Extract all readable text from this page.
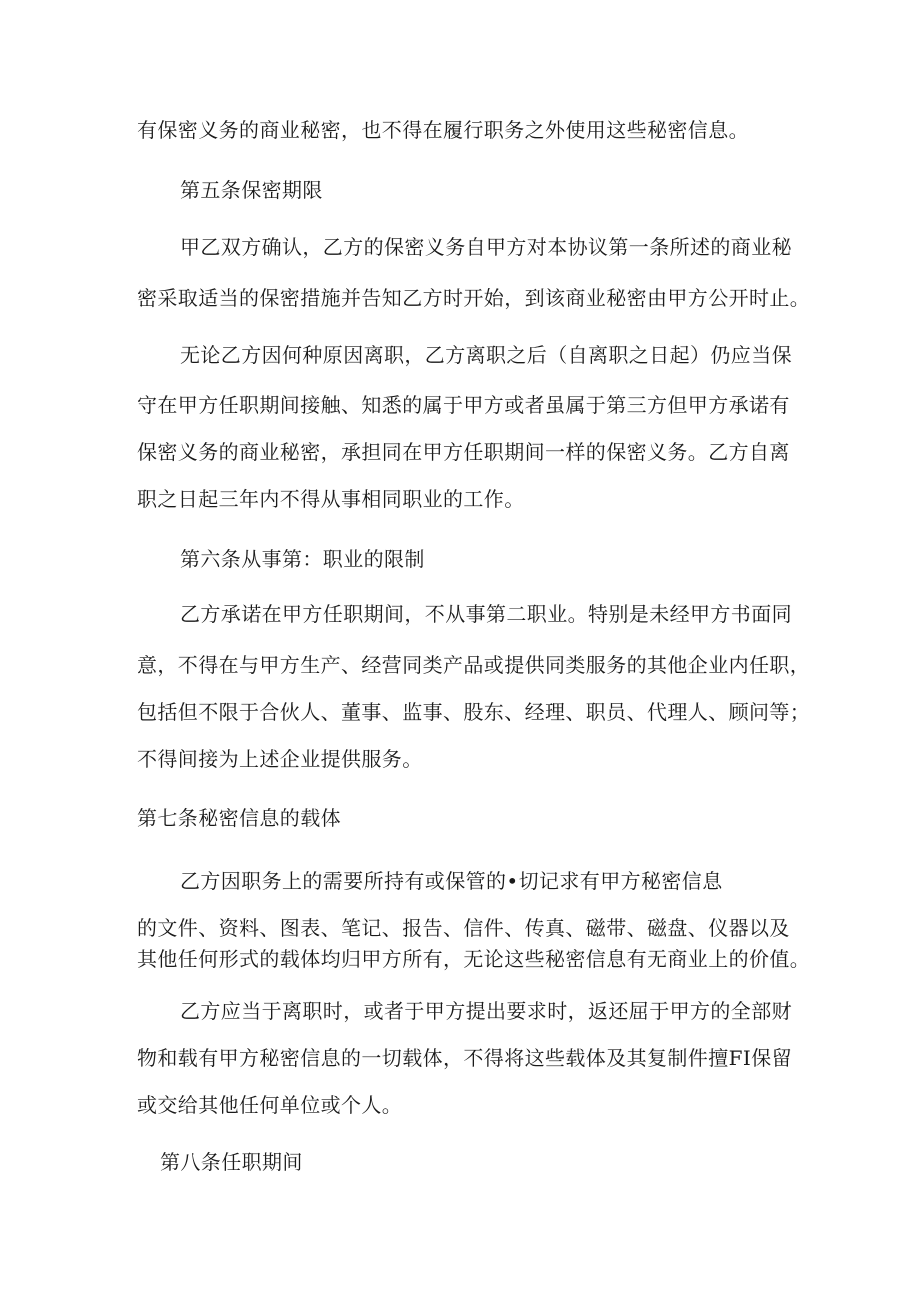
有保密义务的商业秘密，也不得在履行职务之外使用这些秘密信息。
第五条保密期限
甲乙双方确认，乙方的保密义务自甲方对本协议第一条所述的商业秘
密采取适当的保密措施并告知乙方时开始，到该商业秘密由甲方公开时止。
无论乙方因何种原因离职，乙方离职之后（自离职之日起）仍应当保
守在甲方任职期间接触、知悉的属于甲方或者虽属于第三方但甲方承诺有
保密义务的商业秘密，承担同在甲方任职期间一样的保密义务。乙方自离
职之日起三年内不得从事相同职业的工作。
第六条从事第：职业的限制
乙方承诺在甲方任职期间，不从事第二职业。特别是未经甲方书面同
意，不得在与甲方生产、经营同类产品或提供同类服务的其他企业内任职，
包括但不限于合伙人、董事、监事、股东、经理、职员、代理人、顾问等；
不得间接为上述企业提供服务。
第七条秘密信息的载体
乙方因职务上的需要所持有或保管的•切记求有甲方秘密信息
的文件、资料、图表、笔记、报告、信件、传真、磁带、磁盘、仪器以及
其他任何形式的载体均归甲方所有，无论这些秘密信息有无商业上的价值。
乙方应当于离职时，或者于甲方提出要求时，返还屈于甲方的全部财
物和载有甲方秘密信息的一切载体，不得将这些载体及其复制件擅FI保留
或交给其他任何单位或个人。
第八条任职期间
